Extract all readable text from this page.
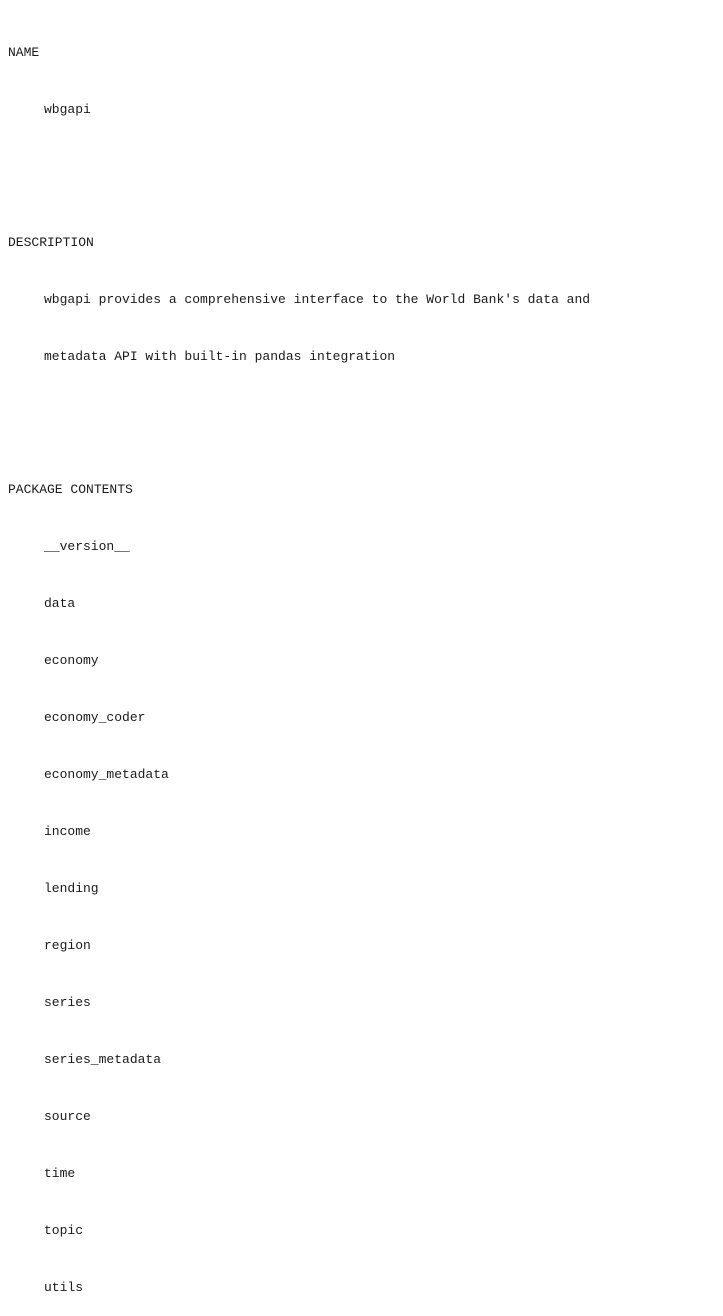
NAME

wbgapi

DESCRIPTION

wbgapi provides a comprehensive interface to the World Bank's data and

metadata API with built-in pandas integration

PACKAGE CONTENTS

__version__

data

economy

economy_coder

economy_metadata

income

lending

region

series

series_metadata

source

time

topic

utils
